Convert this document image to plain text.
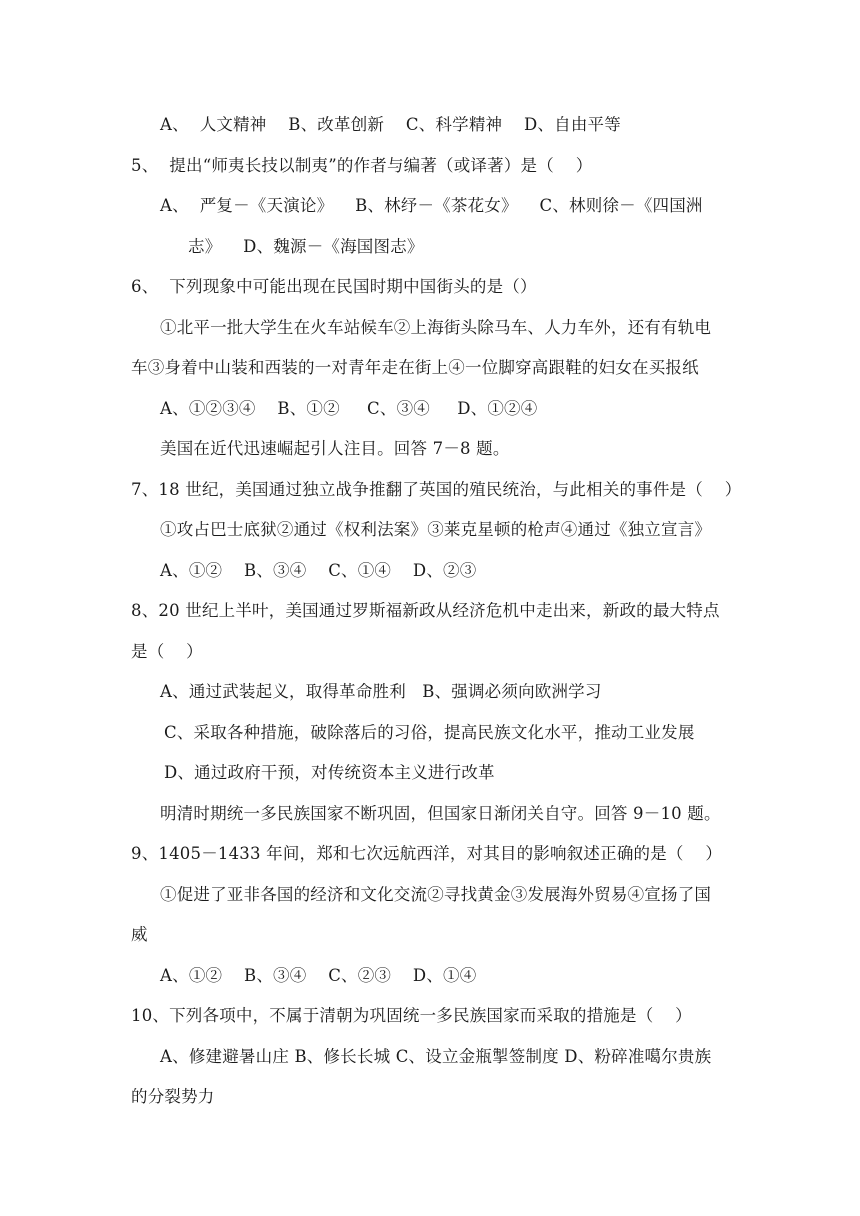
A、  人文精神    B、改革创新    C、科学精神    D、自由平等
5、  提出“师夷长技以制夷”的作者与编著（或译著）是（    ）
A、  严复－《天演论》    B、林纾－《茶花女》    C、林则徐－《四国洲
志》    D、魏源－《海国图志》
6、  下列现象中可能出现在民国时期中国街头的是（）
①北平一批大学生在火车站候车②上海街头除马车、人力车外，还有有轨电
车③身着中山装和西装的一对青年走在街上④一位脚穿高跟鞋的妇女在买报纸
A、①②③④    B、①②     C、③④     D、①②④
美国在近代迅速崛起引人注目。回答 7－8 题。
7、18 世纪，美国通过独立战争推翻了英国的殖民统治，与此相关的事件是（    ）
①攻占巴士底狱②通过《权利法案》③莱克星顿的枪声④通过《独立宣言》
A、①②    B、③④    C、①④    D、②③
8、20 世纪上半叶，美国通过罗斯福新政从经济危机中走出来，新政的最大特点
是（    ）
A、通过武装起义，取得革命胜利   B、强调必须向欧洲学习
C、采取各种措施，破除落后的习俗，提高民族文化水平，推动工业发展
D、通过政府干预，对传统资本主义进行改革
明清时期统一多民族国家不断巩固，但国家日渐闭关自守。回答 9－10 题。
9、1405－1433 年间，郑和七次远航西洋，对其目的影响叙述正确的是（    ）
①促进了亚非各国的经济和文化交流②寻找黄金③发展海外贸易④宣扬了国
威
A、①②    B、③④    C、②③    D、①④
10、下列各项中，不属于清朝为巩固统一多民族国家而采取的措施是（    ）
A、修建避暑山庄 B、修长长城 C、设立金瓶掣签制度 D、粉碎准噶尔贵族
的分裂势力
